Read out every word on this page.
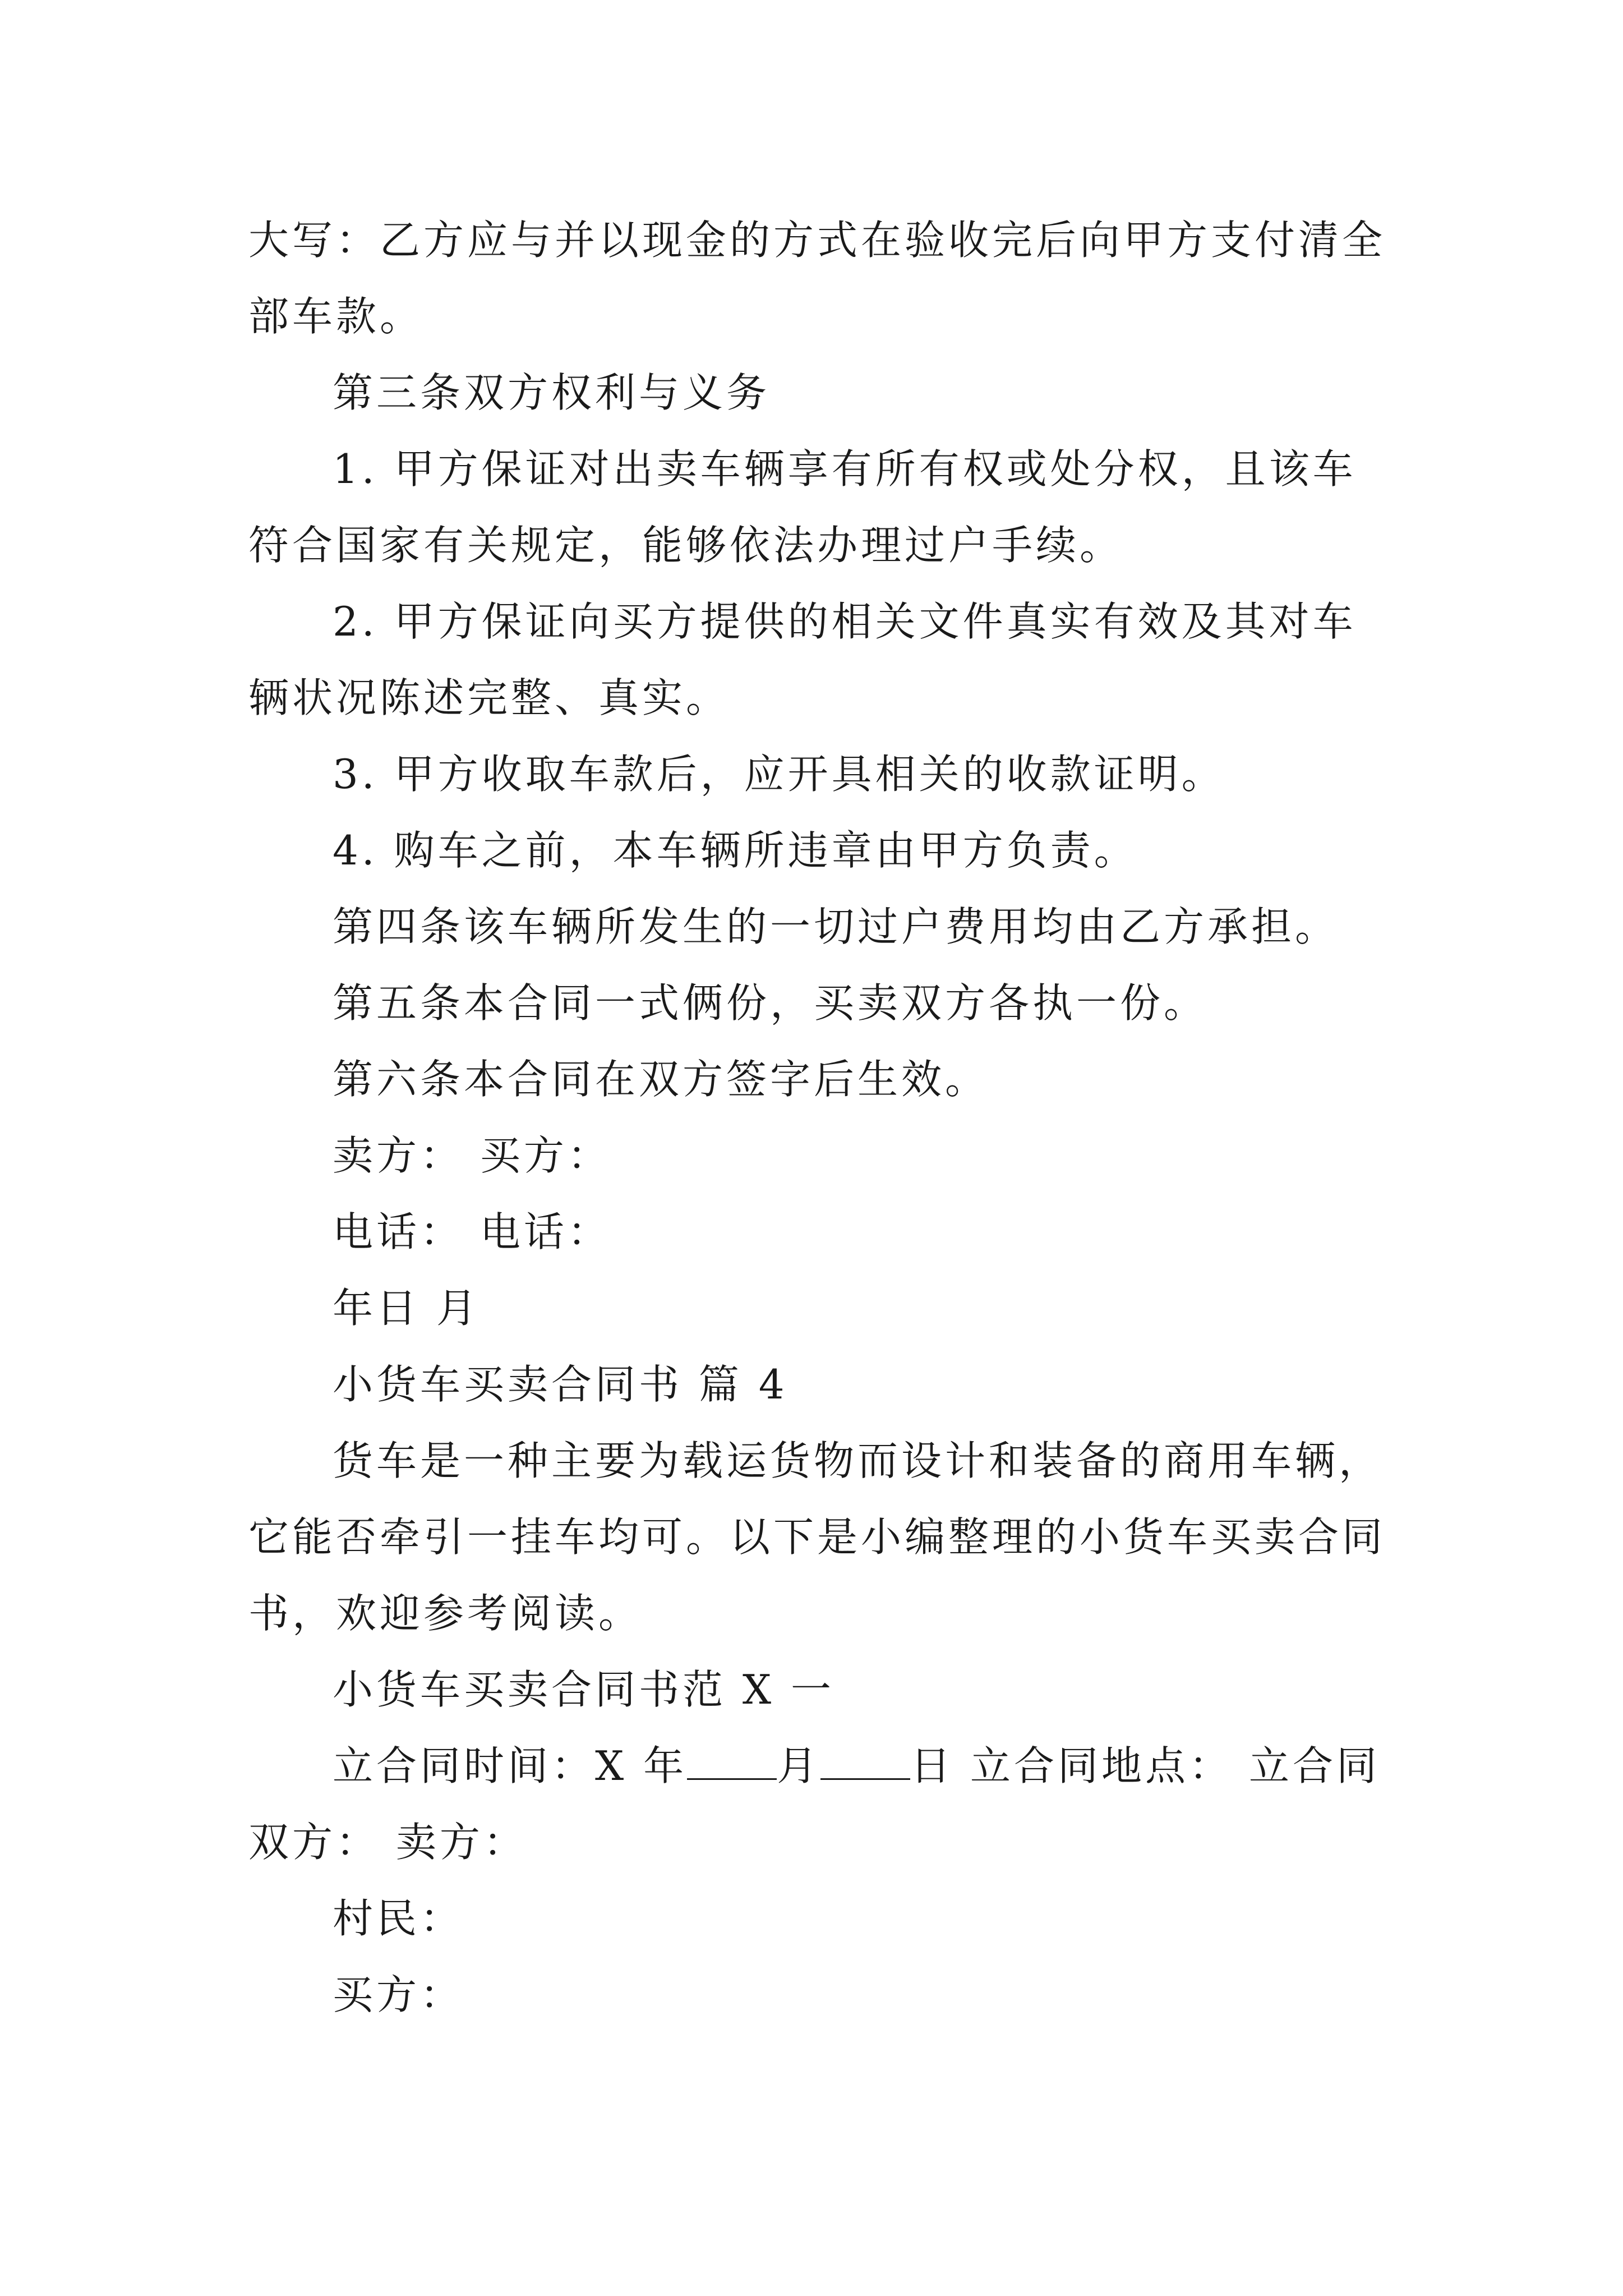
大写：乙方应与并以现金的方式在验收完后向甲方支付清全
部车款。
第三条双方权利与义务
1. 甲方保证对出卖车辆享有所有权或处分权，且该车
符合国家有关规定，能够依法办理过户手续。
2. 甲方保证向买方提供的相关文件真实有效及其对车
辆状况陈述完整、真实。
3. 甲方收取车款后，应开具相关的收款证明。
4. 购车之前，本车辆所违章由甲方负责。
第四条该车辆所发生的一切过户费用均由乙方承担。
第五条本合同一式俩份，买卖双方各执一份。
第六条本合同在双方签字后生效。
卖方： 买方：
电话： 电话：
年日 月
小货车买卖合同书 篇 4
货车是一种主要为载运货物而设计和装备的商用车辆，
它能否牵引一挂车均可。以下是小编整理的小货车买卖合同
书，欢迎参考阅读。
小货车买卖合同书范 X 一
立合同时间：X 年 月 日 立合同地点： 立合同
双方： 卖方：
村民：
买方：
